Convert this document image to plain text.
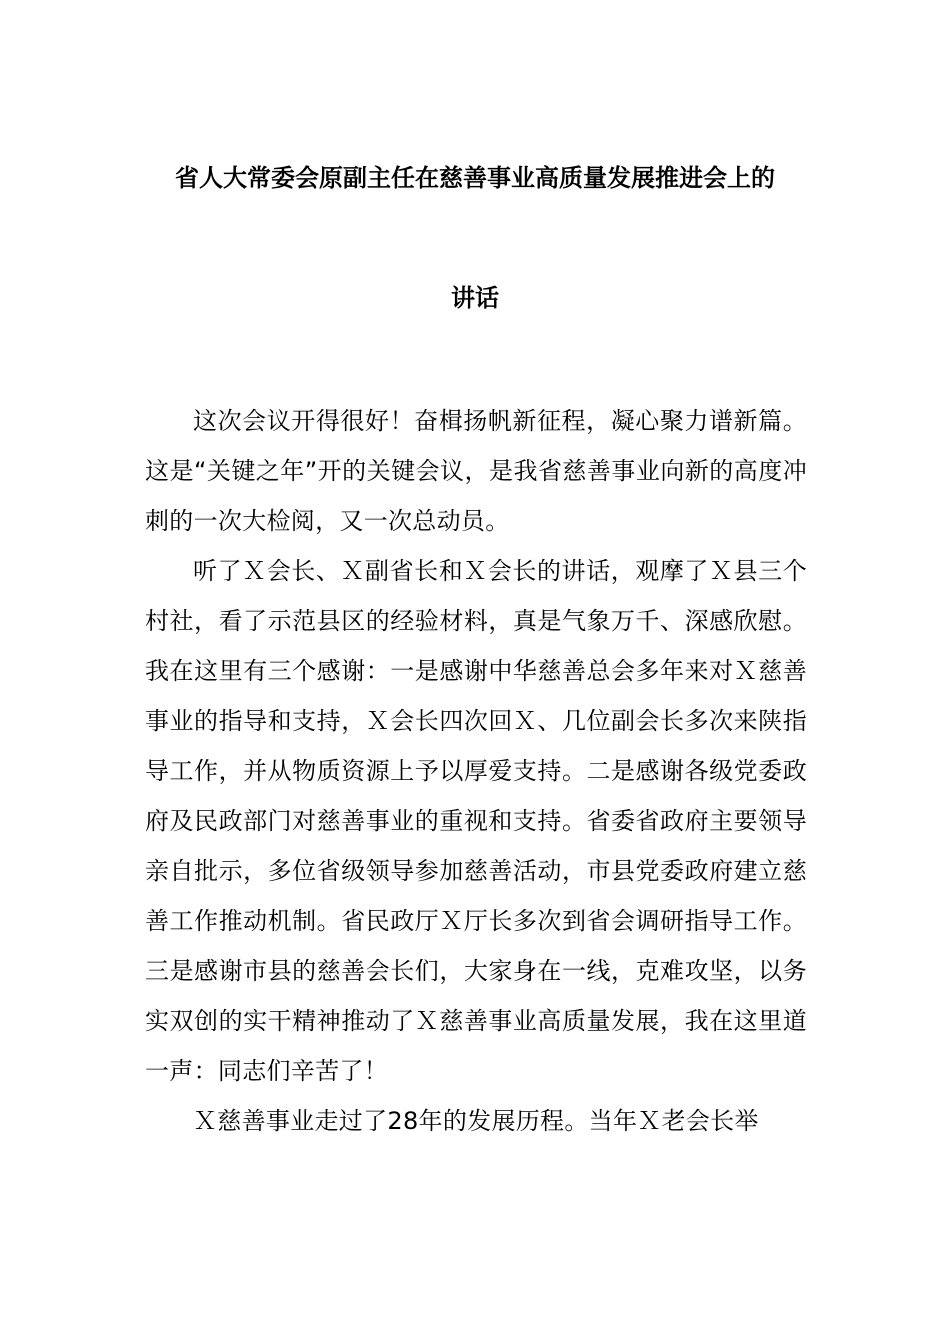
省人大常委会原副主任在慈善事业高质量发展推进会上的
讲话

这次会议开得很好！奋楫扬帆新征程，凝心聚力谱新篇。这是“关键之年”开的关键会议，是我省慈善事业向新的高度冲刺的一次大检阅，又一次总动员。

听了Ｘ会长、Ｘ副省长和Ｘ会长的讲话，观摩了Ｘ县三个村社，看了示范县区的经验材料，真是气象万千、深感欣慰。我在这里有三个感谢：一是感谢中华慈善总会多年来对Ｘ慈善事业的指导和支持，Ｘ会长四次回Ｘ、几位副会长多次来陕指导工作，并从物质资源上予以厚爱支持。二是感谢各级党委政府及民政部门对慈善事业的重视和支持。省委省政府主要领导亲自批示，多位省级领导参加慈善活动，市县党委政府建立慈善工作推动机制。省民政厅Ｘ厅长多次到省会调研指导工作。三是感谢市县的慈善会长们，大家身在一线，克难攻坚，以务实双创的实干精神推动了Ｘ慈善事业高质量发展，我在这里道一声：同志们辛苦了！

Ｘ慈善事业走过了28年的发展历程。当年Ｘ老会长举
